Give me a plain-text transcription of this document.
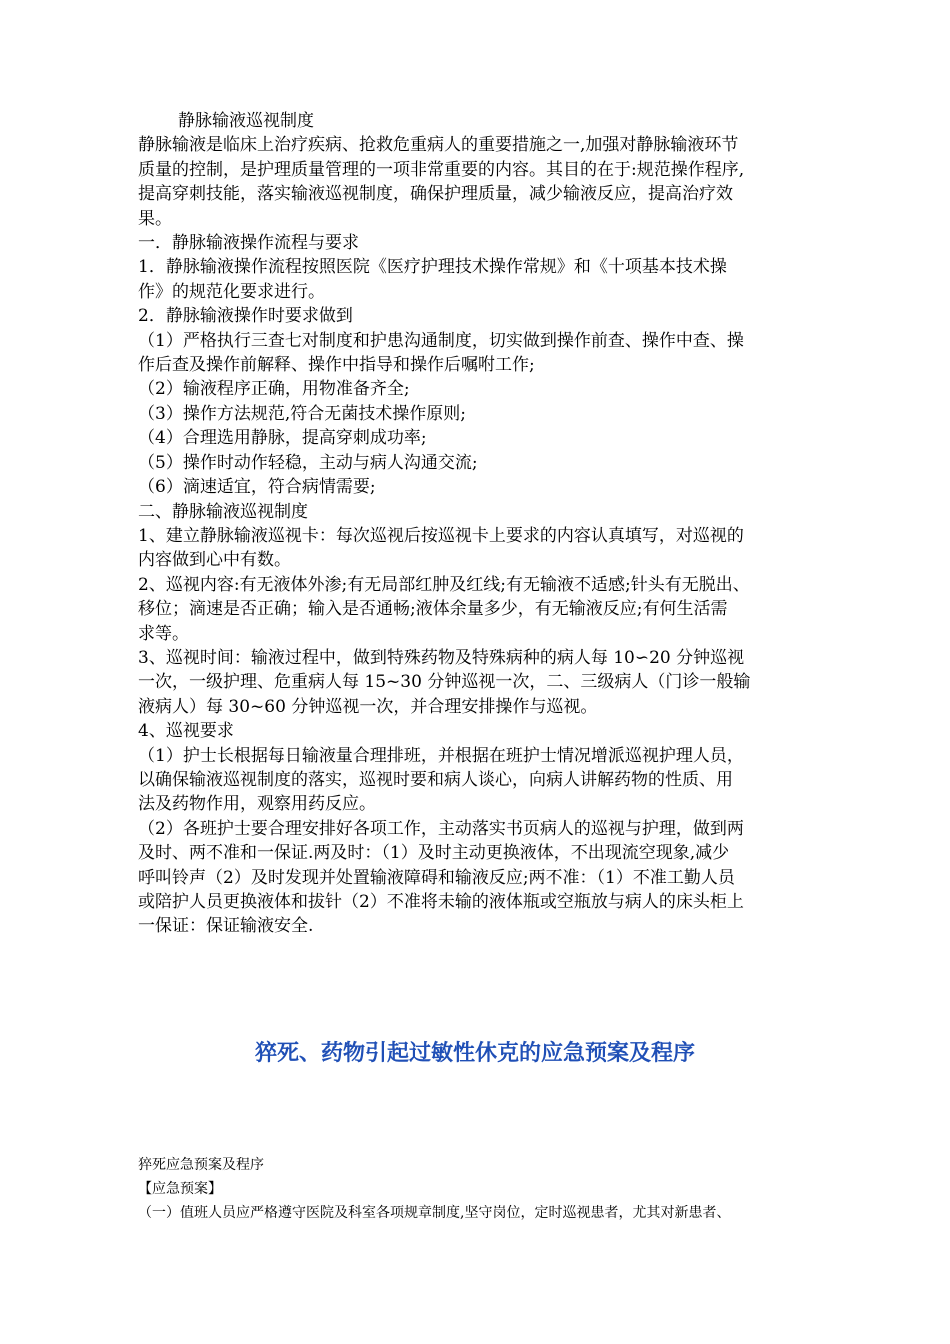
静脉输液巡视制度

静脉输液是临床上治疗疾病、抢救危重病人的重要措施之一,加强对静脉输液环节

质量的控制，是护理质量管理的一项非常重要的内容。其目的在于:规范操作程序,

提高穿刺技能，落实输液巡视制度，确保护理质量，减少输液反应，提高治疗效

果。

一．静脉输液操作流程与要求

1．静脉输液操作流程按照医院《医疗护理技术操作常规》和《十项基本技术操

作》的规范化要求进行。

2．静脉输液操作时要求做到

（1）严格执行三查七对制度和护患沟通制度，切实做到操作前查、操作中查、操

作后查及操作前解释、操作中指导和操作后嘱咐工作;

（2）输液程序正确，用物准备齐全;

（3）操作方法规范,符合无菌技术操作原则;

（4）合理选用静脉，提高穿刺成功率;

（5）操作时动作轻稳，主动与病人沟通交流;

（6）滴速适宜，符合病情需要;

二、静脉输液巡视制度

1、建立静脉输液巡视卡：每次巡视后按巡视卡上要求的内容认真填写，对巡视的

内容做到心中有数。

2、巡视内容:有无液体外渗;有无局部红肿及红线;有无输液不适感;针头有无脱出、

移位；滴速是否正确；输入是否通畅;液体余量多少，有无输液反应;有何生活需

求等。

3、巡视时间：输液过程中，做到特殊药物及特殊病种的病人每 10∽20 分钟巡视

一次，一级护理、危重病人每 15~30 分钟巡视一次，二、三级病人（门诊一般输

液病人）每 30~60 分钟巡视一次，并合理安排操作与巡视。

4、巡视要求

（1）护士长根据每日输液量合理排班，并根据在班护士情况增派巡视护理人员，

以确保输液巡视制度的落实，巡视时要和病人谈心，向病人讲解药物的性质、用

法及药物作用，观察用药反应。

（2）各班护士要合理安排好各项工作，主动落实书页病人的巡视与护理，做到两

及时、两不准和一保证.两及时：（1）及时主动更换液体，不出现流空现象,减少

呼叫铃声（2）及时发现并处置输液障碍和输液反应;两不准：（1）不准工勤人员

或陪护人员更换液体和拔针（2）不准将未输的液体瓶或空瓶放与病人的床头柜上

一保证：保证输液安全.

猝死、药物引起过敏性休克的应急预案及程序

猝死应急预案及程序

【应急预案】

（一）值班人员应严格遵守医院及科室各项规章制度,坚守岗位，定时巡视患者，尤其对新患者、
